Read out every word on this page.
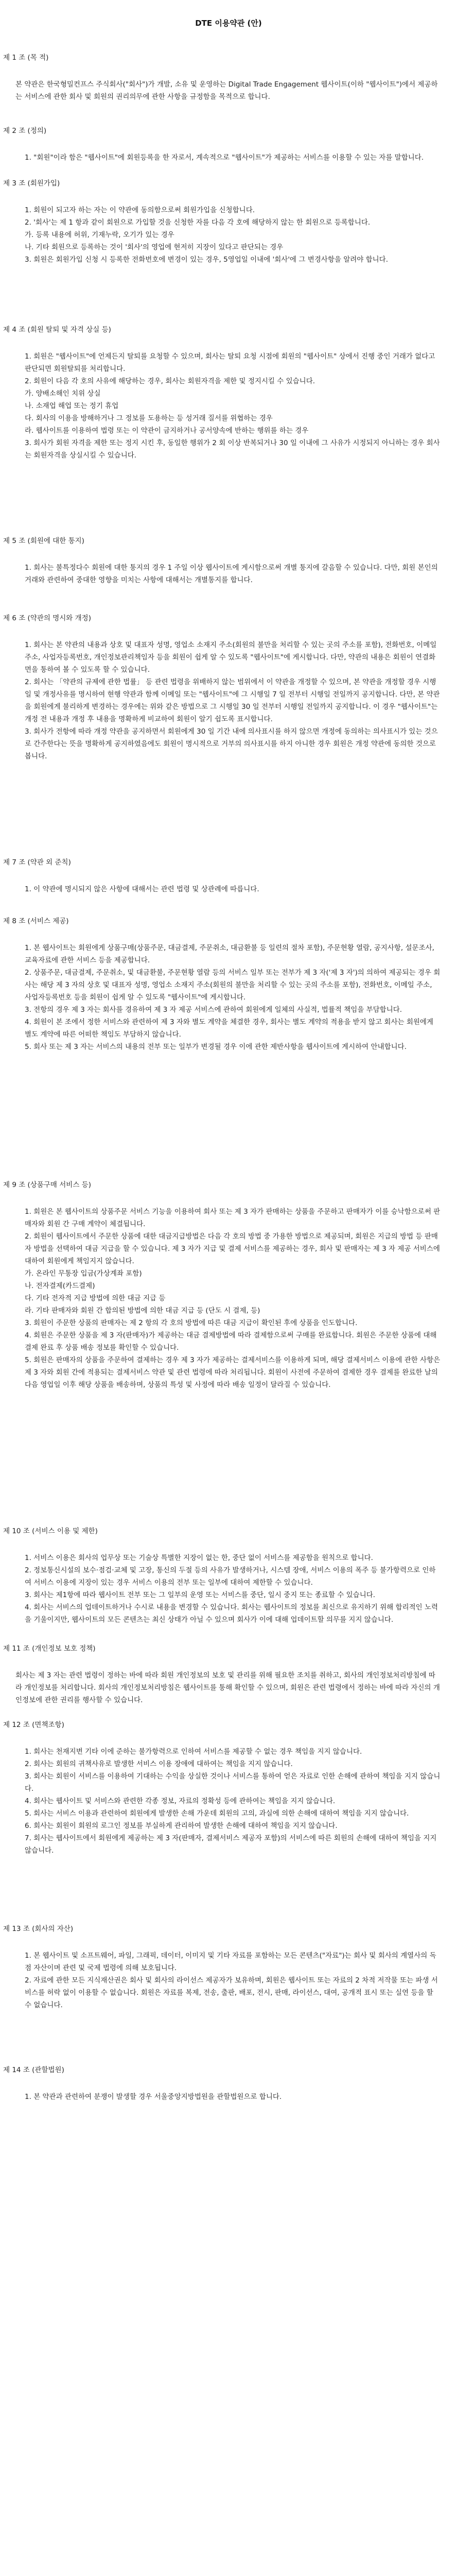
DTE 이용약관 (안)
제 1 조 (목 적)

본 약관은 한국형밀컨프스 주식회사("회사")가 개발, 소유 및 운영하는 Digital Trade Engagement 웹사이트(이하 "웹사이트")에서 제공하는 서비스에 관한 회사 및 회원의 권리의무에 관한 사항을 규정함을 목적으로 합니다.

제 2 조 (정의)
1. "회원"이라 함은 "웹사이트"에 회원등록을 한 자로서, 계속적으로 "웹사이트"가 제공하는 서비스를 이용할 수 있는 자를 말합니다.
제 3 조 (회원가입)
1. 회원이 되고자 하는 자는 이 약관에 동의함으로써 회원가입을 신청합니다.
2. '회사'는 제 1 항과 같이 회원으로 가입할 것을 신청한 자를 다음 각 호에 해당하지 않는 한 회원으로 등록합니다.
가. 등록 내용에 허위, 기재누락, 오기가 있는 경우
나. 기타 회원으로 등록하는 것이 '회사'의 영업에 현저히 지장이 있다고 판단되는 경우
3. 회원은 회원가입 신청 시 등록한 전화번호에 변경이 있는 경우, 5영업일 이내에 '회사'에 그 변경사항을 알려야 합니다.
제 4 조 (회원 탈퇴 및 자격 상실 등)
1. 회원은 "웹사이트"에 언제든지 탈퇴를 요청할 수 있으며, 회사는 탈퇴 요청 시점에 회원의 "웹사이트" 상에서 진행 중인 거래가 없다고 판단되면 회원탈퇴를 처리합니다.
2. 회원이 다음 각 호의 사유에 해당하는 경우, 회사는 회원자격을 제한 및 정지시킬 수 있습니다.
가. 양배소해인 치위 상실
나. 소재업 해업 또는 정기 휴업
다. 회사의 이용을 방해하거나 그 정보를 도용하는 등 성거래 질서를 위협하는 경우
라. 웹사이트를 이용하여 법령 또는 이 약관이 금지하거나 공서양속에 반하는 행위를 하는 경우
3. 회사가 회원 자격을 제한 또는 정지 시킨 후, 동일한 행위가 2 회 이상 반복되거나 30 일 이내에 그 사유가 시정되지 아니하는 경우 회사는 회원자격을 상실시킬 수 있습니다.
제 5 조 (회원에 대한 통지)
1. 회사는 불특정다수 회원에 대한 통지의 경우 1 주일 이상 웹사이트에 게시함으로써 개별 통지에 갈음할 수 있습니다. 다만, 회원 본인의 거래와 관련하여 중대한 영향을 미치는 사항에 대해서는 개별통지를 합니다.
제 6 조 (약관의 명시와 개정)
1. 회사는 본 약관의 내용과 상호 및 대표자 성명, 영업소 소재지 주소(회원의 불만을 처리할 수 있는 곳의 주소를 포함), 전화번호, 이메일 주소, 사업자등록번호, 개인정보관리책임자 등을 회원이 쉽게 알 수 있도록 "웹사이트"에 게시합니다. 다만, 약관의 내용은 회원이 연결화면을 통하여 볼 수 있도록 할 수 있습니다.
2. 회사는 「약관의 규제에 관한 법률」 등 관련 법령을 위배하지 않는 범위에서 이 약관을 개정할 수 있으며, 본 약관을 개정할 경우 시행일 및 개정사유를 명시하여 현행 약관과 함께 이메일 또는 "웹사이트"에 그 시행일 7 일 전부터 시행일 전일까지 공지합니다. 다만, 본 약관을 회원에게 불리하게 변경하는 경우에는 위와 같은 방법으로 그 시행일 30 일 전부터 시행일 전일까지 공지합니다. 이 경우 "웹사이트"는 개정 전 내용과 개정 후 내용을 명확하게 비교하여 회원이 알기 쉽도록 표시합니다.
3. 회사가 전항에 따라 개정 약관을 공지하면서 회원에게 30 일 기간 내에 의사표시를 하지 않으면 개정에 동의하는 의사표시가 있는 것으로 간주한다는 뜻을 명확하게 공지하였음에도 회원이 명시적으로 거부의 의사표시를 하지 아니한 경우 회원은 개정 약관에 동의한 것으로 봅니다.
제 7 조 (약관 외 준칙)
1. 이 약관에 명시되지 않은 사항에 대해서는 관련 법령 및 상관례에 따릅니다.
제 8 조 (서비스 제공)
1. 본 웹사이트는 회원에게 상품구매(상품주문, 대금결제, 주문취소, 대금환불 등 일련의 절차 포함), 주문현황 열람, 공지사항, 설문조사, 교육자료에 관한 서비스 등을 제공합니다.
2. 상품주문, 대금결제, 주문취소, 및 대금환불, 주문현황 열람 등의 서비스 일부 또는 전부가 제 3 자('제 3 자')의 의하여 제공되는 경우 회사는 해당 제 3 자의 상호 및 대표자 성명, 영업소 소재지 주소(회원의 불만을 처리할 수 있는 곳의 주소를 포함), 전화번호, 이메일 주소, 사업자등록번호 등을 회원이 쉽게 알 수 있도록 "웹사이트"에 게시합니다.
3. 전항의 경우 제 3 자는 회사를 경유하여 제 3 자 제공 서비스에 관하여 회원에게 일체의 사실적, 법률적 책임을 부담합니다.
4. 회원이 본 조에서 정한 서비스와 관련하여 제 3 자와 별도 계약을 체결한 경우, 회사는 별도 계약의 적용을 받지 않고 회사는 회원에게 별도 계약에 따른 어떠한 책임도 부담하지 않습니다.
5. 회사 또는 제 3 자는 서비스의 내용의 전부 또는 일부가 변경될 경우 이에 관한 제반사항을 웹사이트에 게시하여 안내합니다.
제 9 조 (상품구매 서비스 등)
1. 회원은 본 웹사이트의 상품주문 서비스 기능을 이용하여 회사 또는 제 3 자가 판매하는 상품을 주문하고 판매자가 이를 승낙함으로써 판매자와 회원 간 구매 계약이 체결됩니다.
2. 회원이 웹사이트에서 주문한 상품에 대한 대금지급방법은 다음 각 호의 방법 중 가용한 방법으로 제공되며, 회원은 지급의 방법 등 판매자 방법을 선택하여 대금 지급을 할 수 있습니다. 제 3 자가 지급 및 결제 서비스를 제공하는 경우, 회사 및 판매자는 제 3 자 제공 서비스에 대하여 회원에게 책임지지 않습니다.
가. 온라인 무통장 입금(가상계좌 포함)
나. 전자결제(카드결제)
다. 기타 전자적 지급 방법에 의한 대금 지급 등
라. 기타 판매자와 회원 간 합의된 방법에 의한 대금 지급 등 (단도 시 결제, 등)
3. 회원이 주문한 상품의 판매자는 제 2 항의 각 호의 방법에 따른 대금 지급이 확인된 후에 상품을 인도합니다.
4. 회원은 주문한 상품을 제 3 자(판매자)가 제공하는 대금 결제방법에 따라 결제함으로써 구매를 완료합니다. 회원은 주문한 상품에 대해 결제 완료 후 상품 배송 정보를 확인할 수 있습니다.
5. 회원은 판매자의 상품을 주문하여 결제하는 경우 제 3 자가 제공하는 결제서비스를 이용하게 되며, 해당 결제서비스 이용에 관한 사항은 제 3 자와 회원 간에 적용되는 결제서비스 약관 및 관련 법령에 따라 처리됩니다. 회원이 사전에 주문하여 결제한 경우 결제를 완료한 날의 다음 영업일 이후 해당 상품을 배송하며, 상품의 특성 및 사정에 따라 배송 일정이 달라질 수 있습니다.
제 10 조 (서비스 이용 및 제한)
1. 서비스 이용은 회사의 업무상 또는 기술상 특별한 지장이 없는 한, 중단 없이 서비스를 제공함을 원칙으로 합니다.
2. 정보통신시설의 보수·점검·교체 및 고장, 통신의 두절 등의 사유가 발생하거나, 시스템 장애, 서비스 이용의 폭주 등 불가항력으로 인하여 서비스 이용에 지장이 있는 경우 서비스 이용의 전부 또는 일부에 대하여 제한할 수 있습니다.
3. 회사는 제1항에 따라 웹사이트 전부 또는 그 일부의 운영 또는 서비스를 중단, 일시 중지 또는 종료할 수 있습니다.
4. 회사는 서비스의 업데이트하거나 수시로 내용을 변경할 수 있습니다. 회사는 웹사이트의 정보를 최신으로 유지하기 위해 합리적인 노력을 기울이지만, 웹사이트의 모든 콘텐츠는 최신 상태가 아닐 수 있으며 회사가 이에 대해 업데이트할 의무를 지지 않습니다.
제 11 조 (개인정보 보호 정책)

회사는 제 3 자는 관련 법령이 정하는 바에 따라 회원 개인정보의 보호 및 관리를 위해 필요한 조치를 취하고, 회사의 개인정보처리방침에 따라 개인정보를 처리합니다. 회사의 개인정보처리방침은 웹사이트를 통해 확인할 수 있으며, 회원은 관련 법령에서 정하는 바에 따라 자신의 개인정보에 관한 권리를 행사할 수 있습니다.

제 12 조 (면책조항)
1. 회사는 천재지변 기타 이에 준하는 불가항력으로 인하여 서비스를 제공할 수 없는 경우 책임을 지지 않습니다.
2. 회사는 회원의 귀책사유로 발생한 서비스 이용 장애에 대하여는 책임을 지지 않습니다.
3. 회사는 회원이 서비스를 이용하여 기대하는 수익을 상실한 것이나 서비스를 통하여 얻은 자료로 인한 손해에 관하여 책임을 지지 않습니다.
4. 회사는 웹사이트 및 서비스와 관련한 각종 정보, 자료의 정확성 등에 관하여는 책임을 지지 않습니다.
5. 회사는 서비스 이용과 관련하여 회원에게 발생한 손해 가운데 회원의 고의, 과실에 의한 손해에 대하여 책임을 지지 않습니다.
6. 회사는 회원이 회원의 로그인 정보를 부실하게 관리하여 발생한 손해에 대하여 책임을 지지 않습니다.
7. 회사는 웹사이트에서 회원에게 제공하는 제 3 자(판매자, 결제서비스 제공자 포함)의 서비스에 따른 회원의 손해에 대하여 책임을 지지 않습니다.
제 13 조 (회사의 자산)
1. 본 웹사이트 및 소프트웨어, 파일, 그래픽, 데이터, 이미지 및 기타 자료를 포함하는 모든 콘텐츠("자료")는 회사 및 회사의 계열사의 독점 자산이며 관련 및 국제 법령에 의해 보호됩니다.
2. 자료에 관한 모든 지식재산권은 회사 및 회사의 라이선스 제공자가 보유하며, 회원은 웹사이트 또는 자료의 2 차적 저작물 또는 파생 서비스를 허락 없이 이용할 수 없습니다. 회원은 자료를 복제, 전송, 출판, 배포, 전시, 판매, 라이선스, 대여, 공개적 표시 또는 실연 등을 할 수 없습니다.
제 14 조 (관할법원)
1. 본 약관과 관련하여 분쟁이 발생할 경우 서울중앙지방법원을 관할법원으로 합니다.
